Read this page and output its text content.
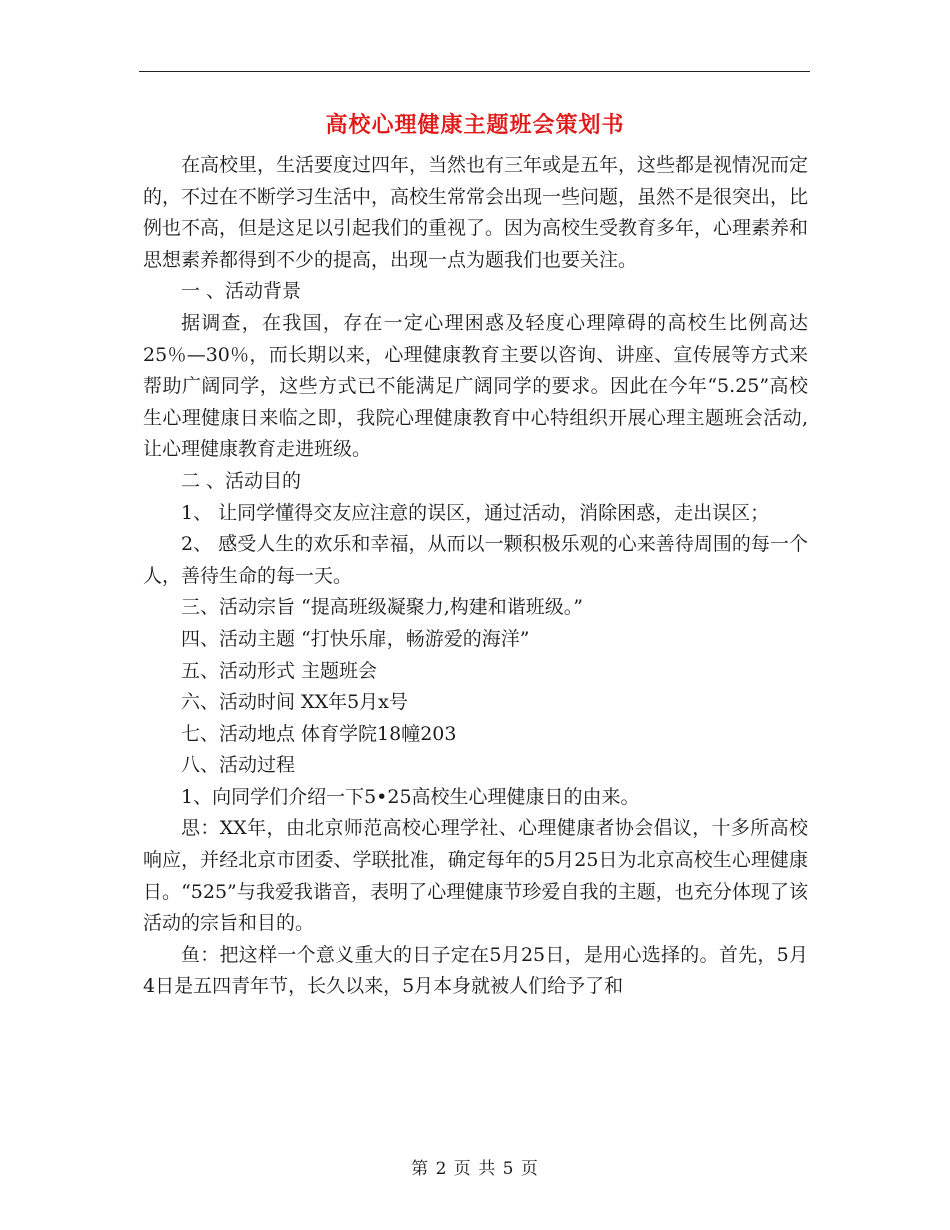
高校心理健康主题班会策划书

在高校里，生活要度过四年，当然也有三年或是五年，这些都是视情况而定的，不过在不断学习生活中，高校生常常会出现一些问题，虽然不是很突出，比例也不高，但是这足以引起我们的重视了。因为高校生受教育多年，心理素养和思想素养都得到不少的提高，出现一点为题我们也要关注。

一 、活动背景

据调查，在我国，存在一定心理困惑及轻度心理障碍的高校生比例高达25％—30％，而长期以来，心理健康教育主要以咨询、讲座、宣传展等方式来帮助广阔同学，这些方式已不能满足广阔同学的要求。因此在今年“5.25”高校生心理健康日来临之即，我院心理健康教育中心特组织开展心理主题班会活动,让心理健康教育走进班级。

二 、活动目的

1、 让同学懂得交友应注意的误区，通过活动，消除困惑，走出误区；

2、 感受人生的欢乐和幸福，从而以一颗积极乐观的心来善待周围的每一个人，善待生命的每一天。

三、活动宗旨 “提高班级凝聚力,构建和谐班级。”

四、活动主题 “打快乐扉，畅游爱的海洋”

五、活动形式 主题班会

六、活动时间 XX年5月x号

七、活动地点 体育学院18幢203

八、活动过程

1、向同学们介绍一下5•25高校生心理健康日的由来。

思：XX年，由北京师范高校心理学社、心理健康者协会倡议，十多所高校响应，并经北京市团委、学联批准，确定每年的5月25日为北京高校生心理健康日。“525”与我爱我谐音，表明了心理健康节珍爱自我的主题，也充分体现了该活动的宗旨和目的。

鱼：把这样一个意义重大的日子定在5月25日，是用心选择的。首先，5月4日是五四青年节，长久以来，5月本身就被人们给予了和

第 2 页 共 5 页
